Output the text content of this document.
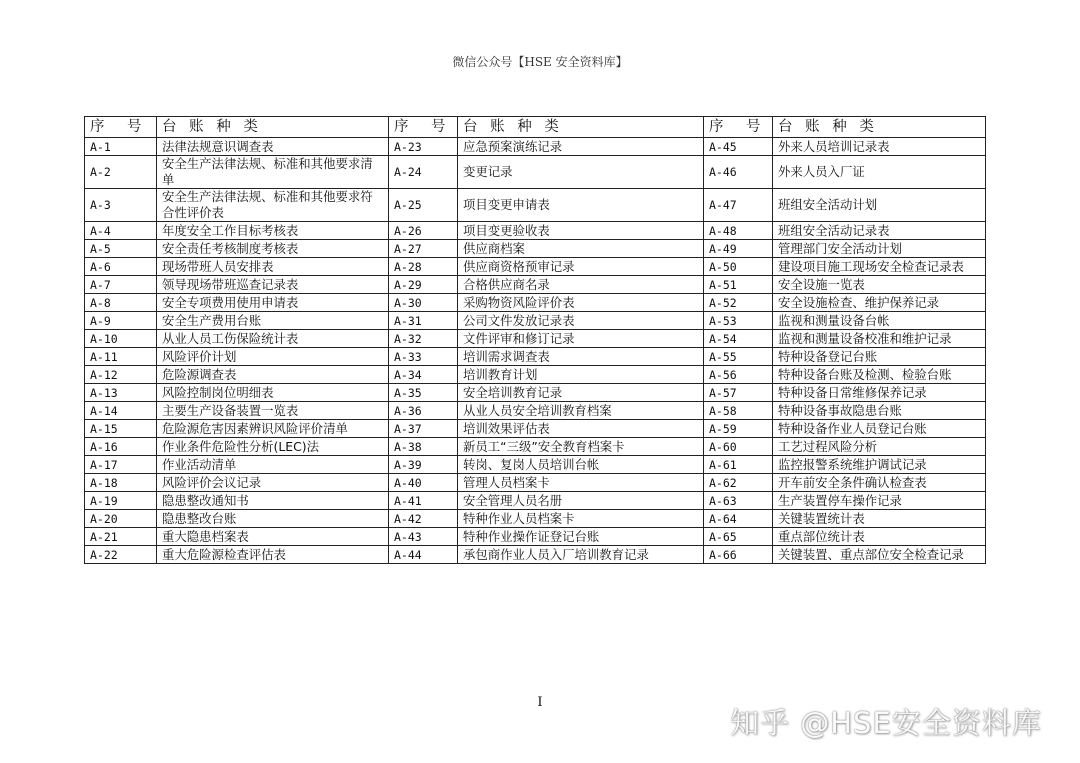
微信公众号【HSE 安全资料库】
序　号	台 账 种 类	序　号	台 账 种 类	序　号	台 账 种 类
A-1	法律法规意识调查表	A-23	应急预案演练记录	A-45	外来人员培训记录表
A-2	安全生产法律法规、标准和其他要求清单	A-24	变更记录	A-46	外来人员入厂证
A-3	安全生产法律法规、标准和其他要求符合性评价表	A-25	项目变更申请表	A-47	班组安全活动计划
A-4	年度安全工作目标考核表	A-26	项目变更验收表	A-48	班组安全活动记录表
A-5	安全责任考核制度考核表	A-27	供应商档案	A-49	管理部门安全活动计划
A-6	现场带班人员安排表	A-28	供应商资格预审记录	A-50	建设项目施工现场安全检查记录表
A-7	领导现场带班巡查记录表	A-29	合格供应商名录	A-51	安全设施一览表
A-8	安全专项费用使用申请表	A-30	采购物资风险评价表	A-52	安全设施检查、维护保养记录
A-9	安全生产费用台账	A-31	公司文件发放记录表	A-53	监视和测量设备台帐
A-10	从业人员工伤保险统计表	A-32	文件评审和修订记录	A-54	监视和测量设备校准和维护记录
A-11	风险评价计划	A-33	培训需求调查表	A-55	特种设备登记台账
A-12	危险源调查表	A-34	培训教育计划	A-56	特种设备台账及检测、检验台账
A-13	风险控制岗位明细表	A-35	安全培训教育记录	A-57	特种设备日常维修保养记录
A-14	主要生产设备装置一览表	A-36	从业人员安全培训教育档案	A-58	特种设备事故隐患台账
A-15	危险源危害因素辨识风险评价清单	A-37	培训效果评估表	A-59	特种设备作业人员登记台账
A-16	作业条件危险性分析(LEC)法	A-38	新员工“三级”安全教育档案卡	A-60	工艺过程风险分析
A-17	作业活动清单	A-39	转岗、复岗人员培训台帐	A-61	监控报警系统维护调试记录
A-18	风险评价会议记录	A-40	管理人员档案卡	A-62	开车前安全条件确认检查表
A-19	隐患整改通知书	A-41	安全管理人员名册	A-63	生产装置停车操作记录
A-20	隐患整改台账	A-42	特种作业人员档案卡	A-64	关键装置统计表
A-21	重大隐患档案表	A-43	特种作业操作证登记台账	A-65	重点部位统计表
A-22	重大危险源检查评估表	A-44	承包商作业人员入厂培训教育记录	A-66	关键装置、重点部位安全检查记录
I
知乎 @HSE安全资料库
